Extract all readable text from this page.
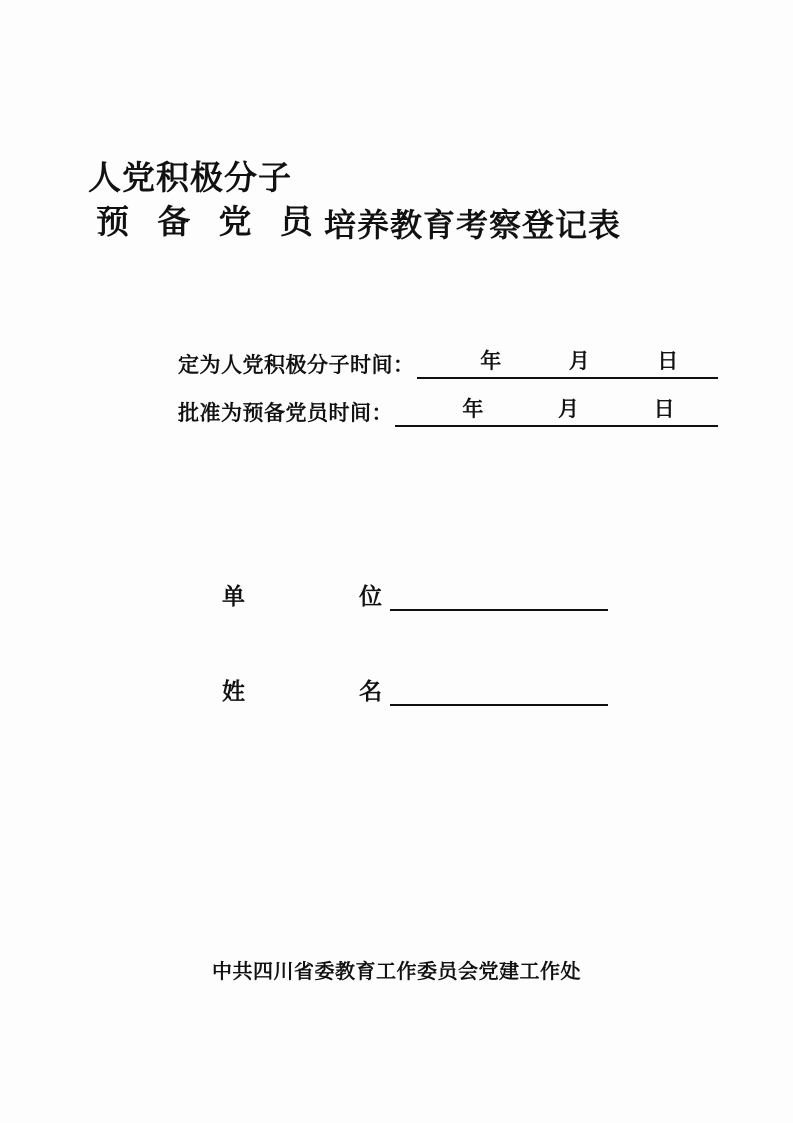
人党积极分子
预 备 党 员 培养教育考察登记表
定为人党积极分子时间：	年	月	日
批准为预备党员时间：	年	月	日
单	位
姓	名
中共四川省委教育工作委员会党建工作处
